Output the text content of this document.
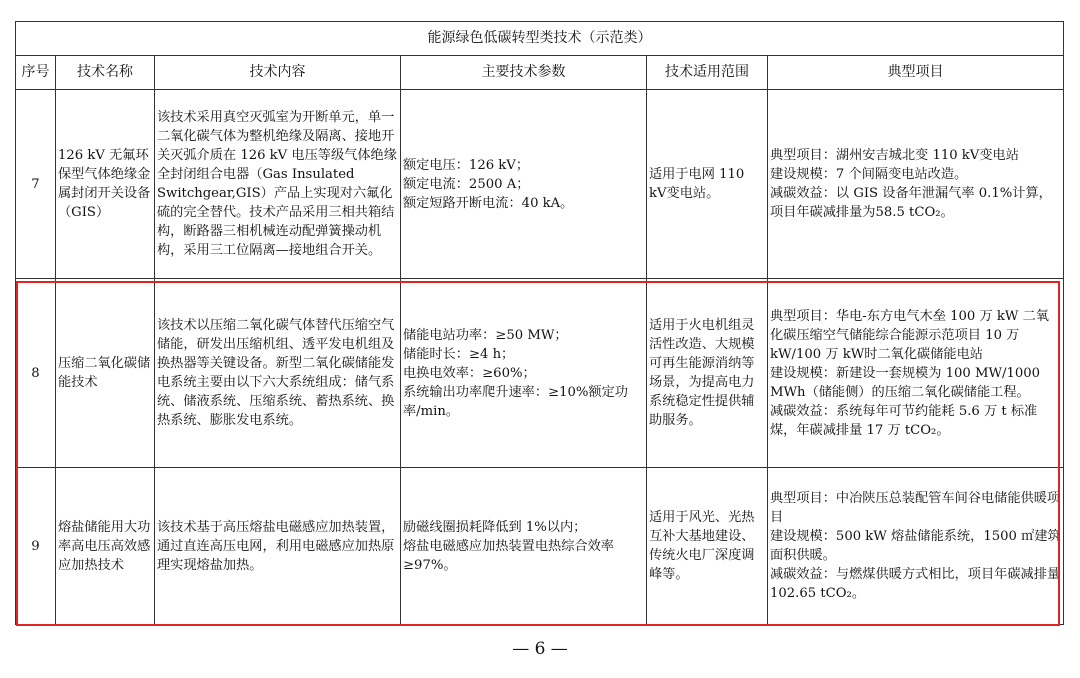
能源绿色低碳转型类技术（示范类）					
序号	技术名称	技术内容	主要技术参数	技术适用范围	典型项目
7	126 kV 无氟环保型气体绝缘金属封闭开关设备（GIS）	该技术采用真空灭弧室为开断单元，单一二氧化碳气体为整机绝缘及隔离、接地开关灭弧介质在 126 kV 电压等级气体绝缘全封闭组合电器（Gas Insulated Switchgear,GIS）产品上实现对六氟化硫的完全替代。技术产品采用三相共箱结构，断路器三相机械连动配弹簧操动机构，采用三工位隔离—接地组合开关。	额定电压：126 kV；
额定电流：2500 A；
额定短路开断电流：40 kA。	适用于电网 110 kV变电站。	典型项目：湖州安吉城北变 110 kV变电站
建设规模：7 个间隔变电站改造。
减碳效益：以 GIS 设备年泄漏气率 0.1%计算，项目年碳减排量为58.5 tCO₂。

8	压缩二氧化碳储能技术	该技术以压缩二氧化碳气体替代压缩空气储能，研发出压缩机组、透平发电机组及换热器等关键设备。新型二氧化碳储能发电系统主要由以下六大系统组成：储气系统、储液系统、压缩系统、蓄热系统、换热系统、膨胀发电系统。	储能电站功率：≥50 MW；
储能时长：≥4 h；
电换电效率：≥60%；
系统输出功率爬升速率：≥10%额定功率/min。	适用于火电机组灵活性改造、大规模可再生能源消纳等场景，为提高电力系统稳定性提供辅助服务。	典型项目：华电-东方电气木垒 100 万 kW 二氧化碳压缩空气储能综合能源示范项目 10 万 kW/100 万 kW时二氧化碳储能电站
建设规模：新建设一套规模为 100 MW/1000 MWh（储能侧）的压缩二氧化碳储能工程。
减碳效益：系统每年可节约能耗 5.6 万 t 标准煤，年碳减排量 17 万 tCO₂。

9	熔盐储能用大功率高电压高效感应加热技术	该技术基于高压熔盐电磁感应加热装置，通过直连高压电网，利用电磁感应加热原理实现熔盐加热。	励磁线圈损耗降低到 1%以内；
熔盐电磁感应加热装置电热综合效率≥97%。	适用于风光、光热互补大基地建设、传统火电厂深度调峰等。	典型项目：中冶陕压总装配管车间谷电储能供暖项目
建设规模：500 kW 熔盐储能系统，1500 ㎡建筑面积供暖。
减碳效益：与燃煤供暖方式相比，项目年碳减排量 102.65 tCO₂。
— 6 —
